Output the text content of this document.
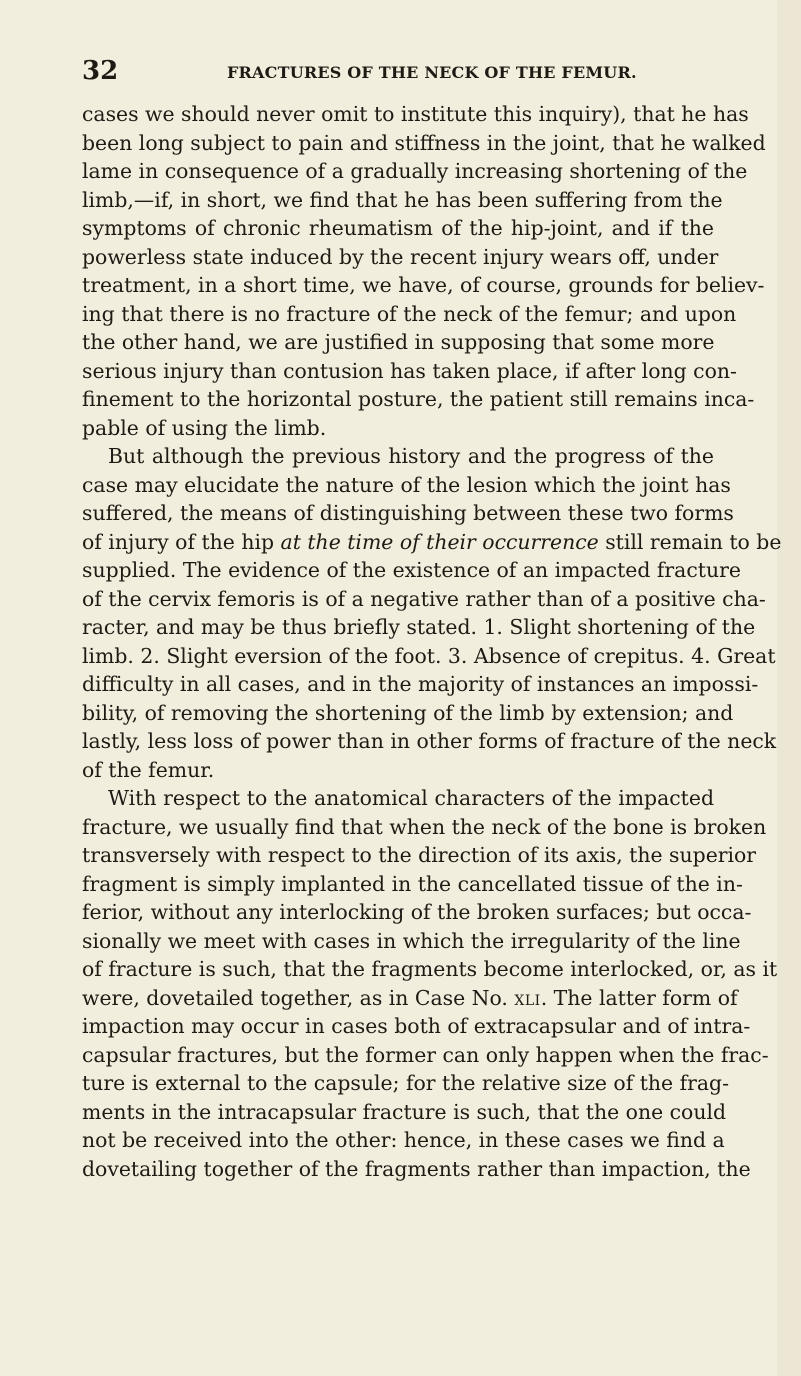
32	FRACTURES OF THE NECK OF THE FEMUR.
cases we should never omit to institute this inquiry), that he has
been long subject to pain and stiffness in the joint, that he walked
lame in consequence of a gradually increasing shortening of the
limb,—if, in short, we find that he has been suffering from the
symptoms of chronic rheumatism of the hip-joint, and if the
powerless state induced by the recent injury wears off, under
treatment, in a short time, we have, of course, grounds for believ-
ing that there is no fracture of the neck of the femur; and upon
the other hand, we are justified in supposing that some more
serious injury than contusion has taken place, if after long con-
finement to the horizontal posture, the patient still remains inca-
pable of using the limb.
But although the previous history and the progress of the
case may elucidate the nature of the lesion which the joint has
suffered, the means of distinguishing between these two forms
of injury of the hip at the time of their occurrence still remain to be
supplied. The evidence of the existence of an impacted fracture
of the cervix femoris is of a negative rather than of a positive cha-
racter, and may be thus briefly stated. 1. Slight shortening of the
limb. 2. Slight eversion of the foot. 3. Absence of crepitus. 4. Great
difficulty in all cases, and in the majority of instances an impossi-
bility, of removing the shortening of the limb by extension; and
lastly, less loss of power than in other forms of fracture of the neck
of the femur.
With respect to the anatomical characters of the impacted
fracture, we usually find that when the neck of the bone is broken
transversely with respect to the direction of its axis, the superior
fragment is simply implanted in the cancellated tissue of the in-
ferior, without any interlocking of the broken surfaces; but occa-
sionally we meet with cases in which the irregularity of the line
of fracture is such, that the fragments become interlocked, or, as it
were, dovetailed together, as in Case No. xli. The latter form of
impaction may occur in cases both of extracapsular and of intra-
capsular fractures, but the former can only happen when the frac-
ture is external to the capsule; for the relative size of the frag-
ments in the intracapsular fracture is such, that the one could
not be received into the other: hence, in these cases we find a
dovetailing together of the fragments rather than impaction, the
